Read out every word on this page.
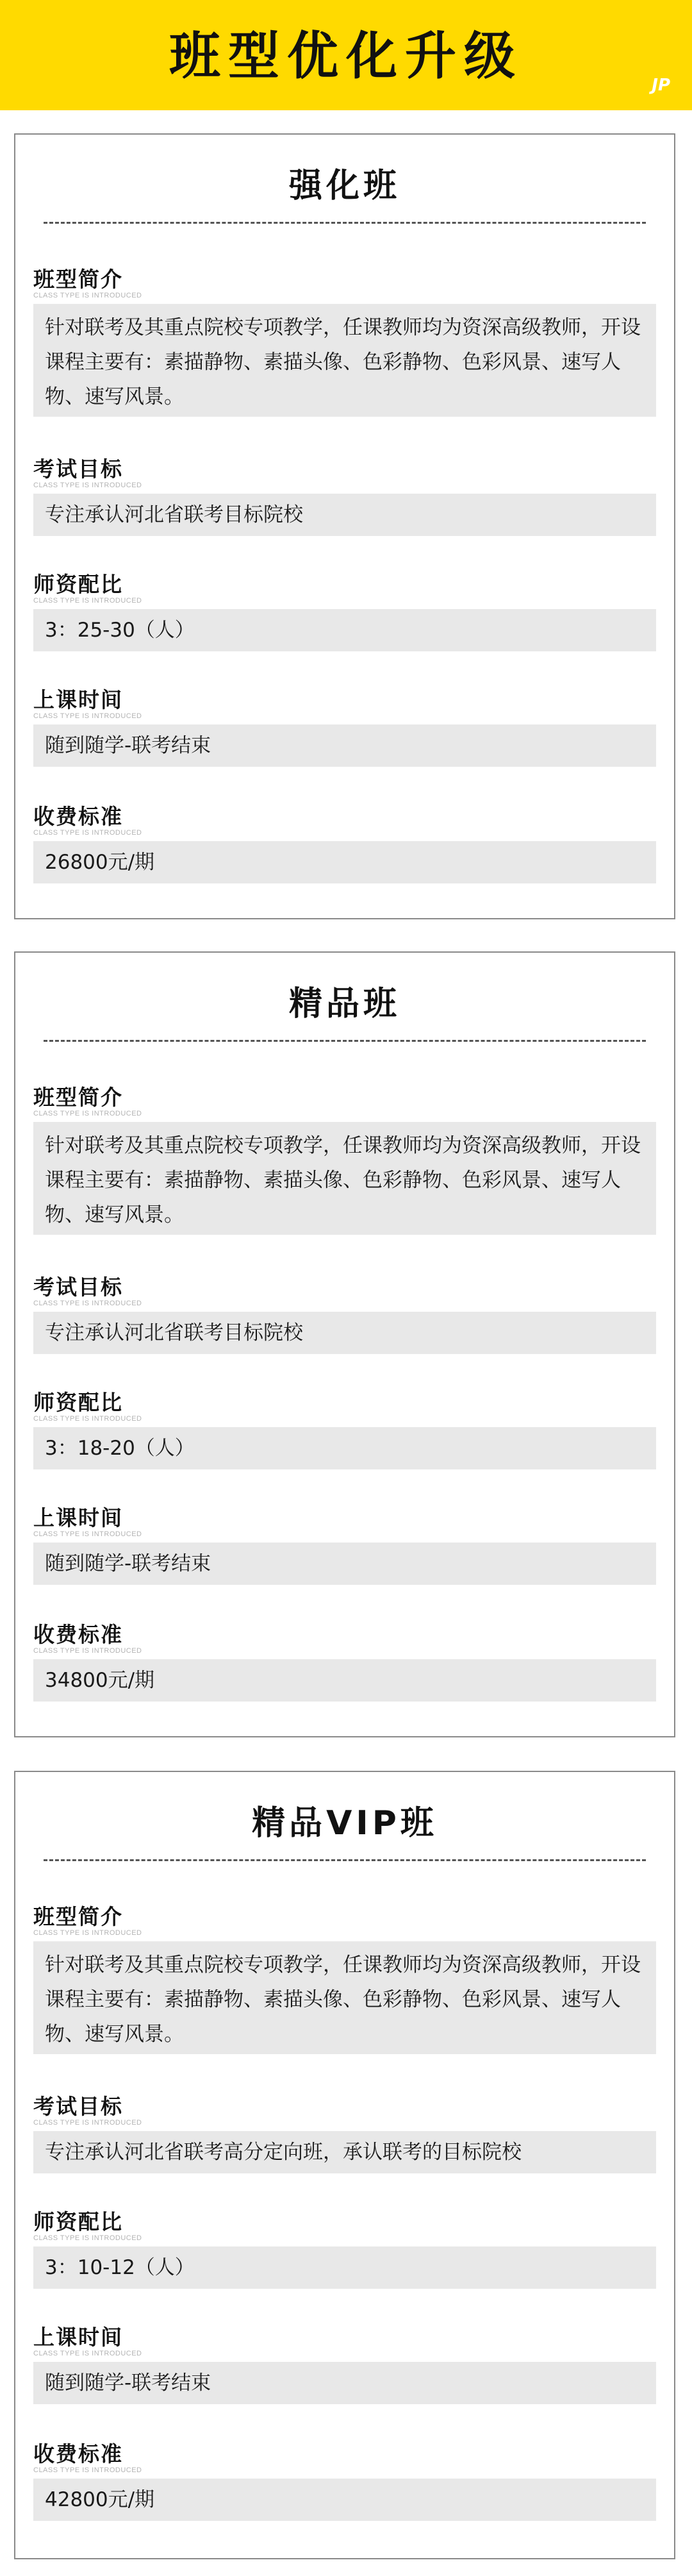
班型优化升级	JP
强化班
班型简介
CLASS TYPE IS INTRODUCED
针对联考及其重点院校专项教学，任课教师均为资深高级教师，开设课程主要有：素描静物、素描头像、色彩静物、色彩风景、速写人物、速写风景。
考试目标
CLASS TYPE IS INTRODUCED
专注承认河北省联考目标院校
师资配比
CLASS TYPE IS INTRODUCED
3：25-30（人）
上课时间
CLASS TYPE IS INTRODUCED
随到随学-联考结束
收费标准
CLASS TYPE IS INTRODUCED
26800元/期
精品班
班型简介
CLASS TYPE IS INTRODUCED
针对联考及其重点院校专项教学，任课教师均为资深高级教师，开设课程主要有：素描静物、素描头像、色彩静物、色彩风景、速写人物、速写风景。
考试目标
CLASS TYPE IS INTRODUCED
专注承认河北省联考目标院校
师资配比
CLASS TYPE IS INTRODUCED
3：18-20（人）
上课时间
CLASS TYPE IS INTRODUCED
随到随学-联考结束
收费标准
CLASS TYPE IS INTRODUCED
34800元/期
精品VIP班
班型简介
CLASS TYPE IS INTRODUCED
针对联考及其重点院校专项教学，任课教师均为资深高级教师，开设课程主要有：素描静物、素描头像、色彩静物、色彩风景、速写人物、速写风景。
考试目标
CLASS TYPE IS INTRODUCED
专注承认河北省联考高分定向班，承认联考的目标院校
师资配比
CLASS TYPE IS INTRODUCED
3：10-12（人）
上课时间
CLASS TYPE IS INTRODUCED
随到随学-联考结束
收费标准
CLASS TYPE IS INTRODUCED
42800元/期
